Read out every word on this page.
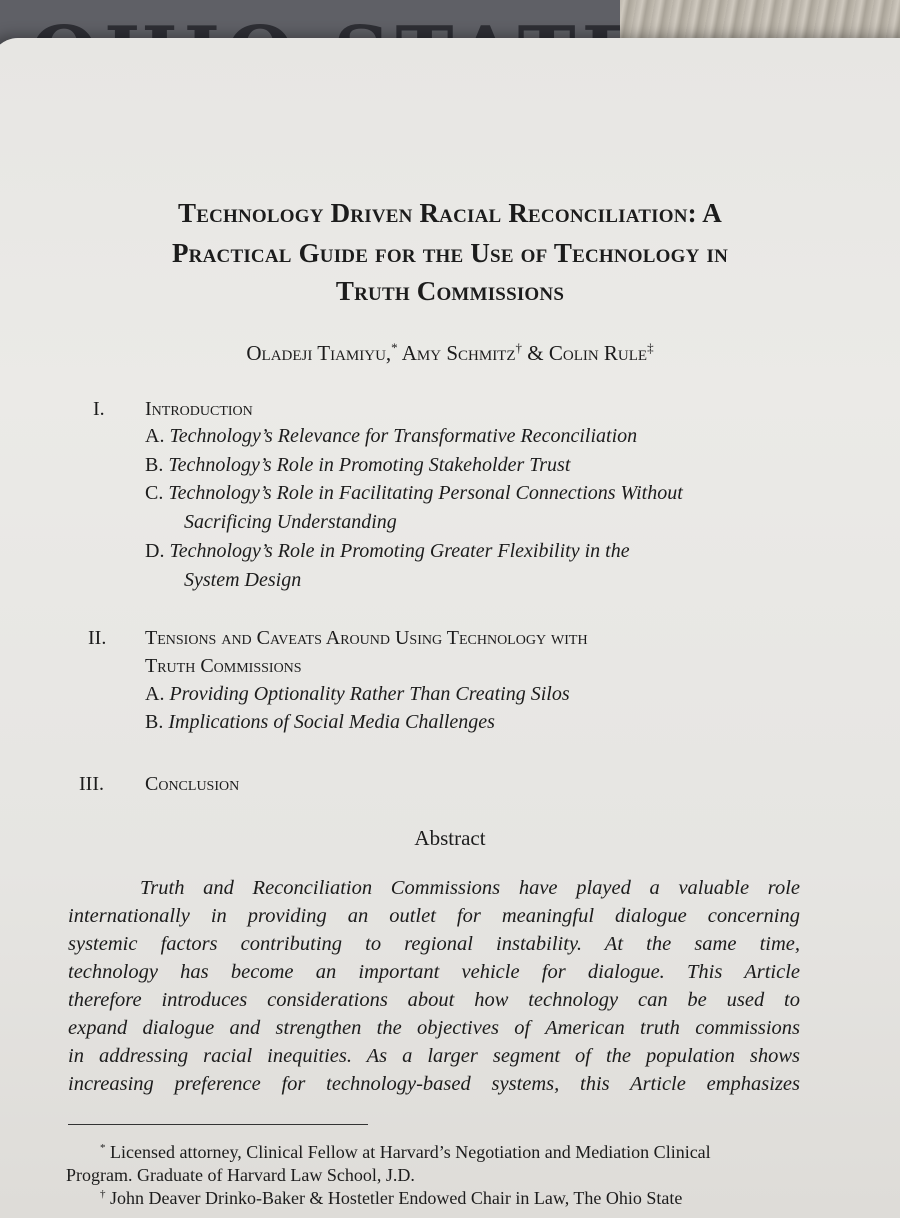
Technology Driven Racial Reconciliation: A
Practical Guide for the Use of Technology in
Truth Commissions
Oladeji Tiamiyu,* Amy Schmitz† & Colin Rule‡
I. Introduction
A. Technology’s Relevance for Transformative Reconciliation
B. Technology’s Role in Promoting Stakeholder Trust
C. Technology’s Role in Facilitating Personal Connections Without
Sacrificing Understanding
D. Technology’s Role in Promoting Greater Flexibility in the
System Design
II. Tensions and Caveats Around Using Technology with
Truth Commissions
A. Providing Optionality Rather Than Creating Silos
B. Implications of Social Media Challenges
III. Conclusion
Abstract
Truth and Reconciliation Commissions have played a valuable role
internationally in providing an outlet for meaningful dialogue concerning
systemic factors contributing to regional instability. At the same time,
technology has become an important vehicle for dialogue. This Article
therefore introduces considerations about how technology can be used to
expand dialogue and strengthen the objectives of American truth commissions
in addressing racial inequities. As a larger segment of the population shows
increasing preference for technology-based systems, this Article emphasizes
* Licensed attorney, Clinical Fellow at Harvard’s Negotiation and Mediation Clinical
Program. Graduate of Harvard Law School, J.D.
† John Deaver Drinko-Baker & Hostetler Endowed Chair in Law, The Ohio State
